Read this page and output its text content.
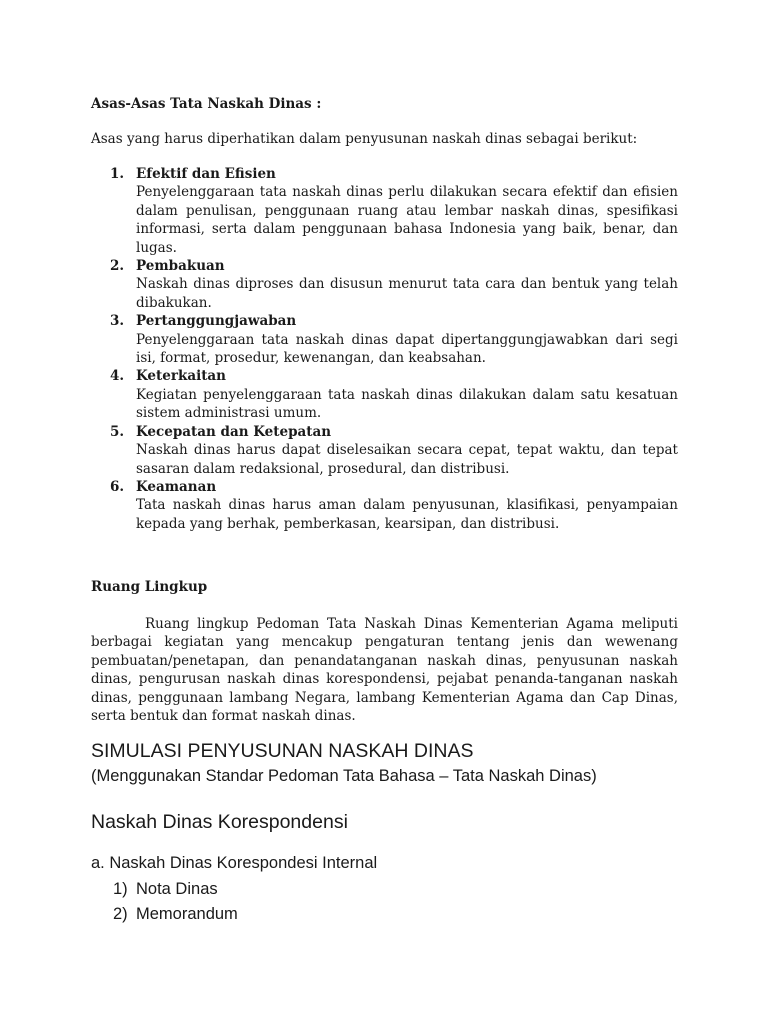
Asas-Asas Tata Naskah Dinas :
Asas yang harus diperhatikan dalam penyusunan naskah dinas sebagai berikut:
1. Efektif dan Efisien
Penyelenggaraan tata naskah dinas perlu dilakukan secara efektif dan efisien dalam penulisan, penggunaan ruang atau lembar naskah dinas, spesifikasi informasi, serta dalam penggunaan bahasa Indonesia yang baik, benar, dan lugas.
2. Pembakuan
Naskah dinas diproses dan disusun menurut tata cara dan bentuk yang telah dibakukan.
3. Pertanggungjawaban
Penyelenggaraan tata naskah dinas dapat dipertanggungjawabkan dari segi isi, format, prosedur, kewenangan, dan keabsahan.
4. Keterkaitan
Kegiatan penyelenggaraan tata naskah dinas dilakukan dalam satu kesatuan sistem administrasi umum.
5. Kecepatan dan Ketepatan
Naskah dinas harus dapat diselesaikan secara cepat, tepat waktu, dan tepat sasaran dalam redaksional, prosedural, dan distribusi.
6. Keamanan
Tata naskah dinas harus aman dalam penyusunan, klasifikasi, penyampaian kepada yang berhak, pemberkasan, kearsipan, dan distribusi.
Ruang Lingkup

Ruang lingkup Pedoman Tata Naskah Dinas Kementerian Agama meliputi berbagai kegiatan yang mencakup pengaturan tentang jenis dan wewenang pembuatan/penetapan, dan penandatanganan naskah dinas, penyusunan naskah dinas, pengurusan naskah dinas korespondensi, pejabat penanda-tanganan naskah dinas, penggunaan lambang Negara, lambang Kementerian Agama dan Cap Dinas, serta bentuk dan format naskah dinas.

SIMULASI PENYUSUNAN NASKAH DINAS
(Menggunakan Standar Pedoman Tata Bahasa – Tata Naskah Dinas)
Naskah Dinas Korespondensi
a. Naskah Dinas Korespondesi Internal
1) Nota Dinas
2) Memorandum
